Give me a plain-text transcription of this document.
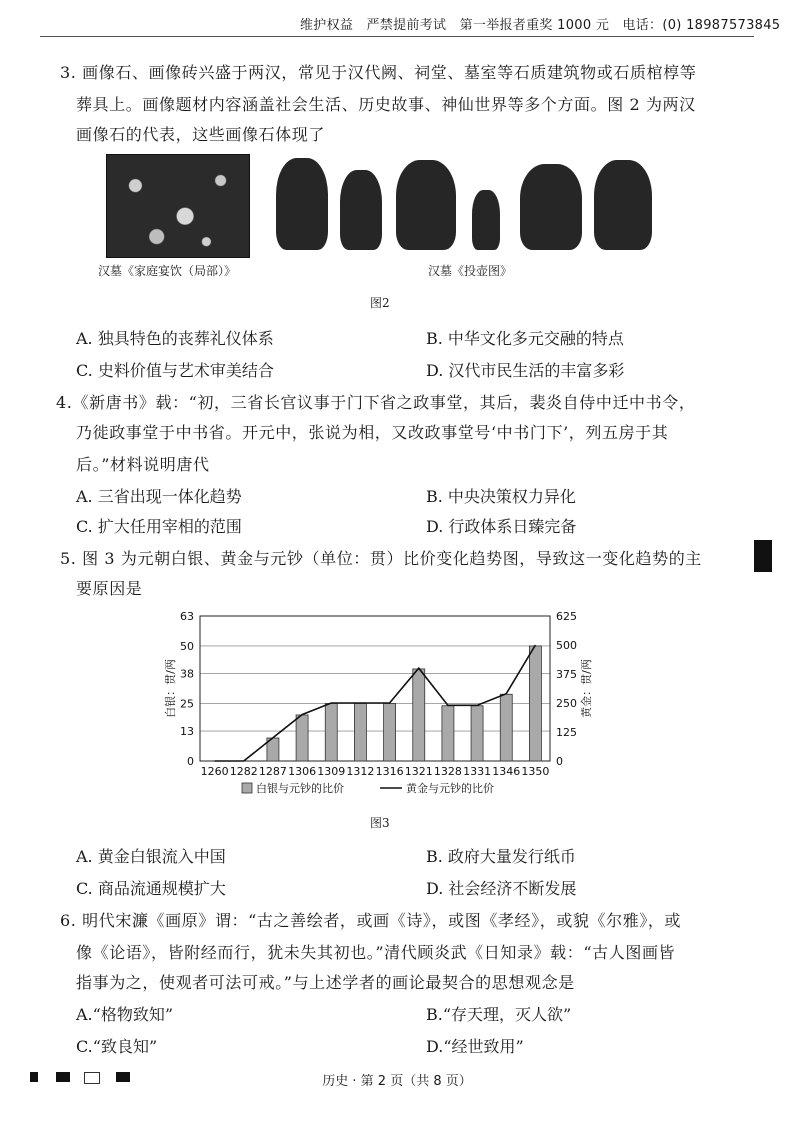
维护权益　严禁提前考试　第一举报者重奖 1000 元　电话：(0) 18987573845
3. 画像石、画像砖兴盛于两汉，常见于汉代阙、祠堂、墓室等石质建筑物或石质棺椁等
葬具上。画像题材内容涵盖社会生活、历史故事、神仙世界等多个方面。图 2 为两汉
画像石的代表，这些画像石体现了
汉墓《家庭宴饮（局部）》	汉墓《投壶图》
图2
A. 独具特色的丧葬礼仪体系	B. 中华文化多元交融的特点
C. 史料价值与艺术审美结合	D. 汉代市民生活的丰富多彩
4.《新唐书》载：“初，三省长官议事于门下省之政事堂，其后，裴炎自侍中迁中书令，
乃徙政事堂于中书省。开元中，张说为相，又改政事堂号‘中书门下’，列五房于其
后。”材料说明唐代
A. 三省出现一体化趋势	B. 中央决策权力异化
C. 扩大任用宰相的范围	D. 行政体系日臻完备
5. 图 3 为元朝白银、黄金与元钞（单位：贯）比价变化趋势图，导致这一变化趋势的主
要原因是
0
13
25
38
50
63
0
125
250
375
500
625
1260 1282 1287 1306 1309 1312 1316 1321 1328 1331 1346 1350
白银：贯/两	黄金：贯/两
白银与元钞的比价	黄金与元钞的比价
图3
A. 黄金白银流入中国	B. 政府大量发行纸币
C. 商品流通规模扩大	D. 社会经济不断发展
6. 明代宋濂《画原》谓：“古之善绘者，或画《诗》，或图《孝经》，或貌《尔雅》，或
像《论语》，皆附经而行，犹未失其初也。”清代顾炎武《日知录》载：“古人图画皆
指事为之，使观者可法可戒。”与上述学者的画论最契合的思想观念是
A.“格物致知”	B.“存天理，灭人欲”
C.“致良知”	D.“经世致用”
历史 · 第 2 页（共 8 页）
